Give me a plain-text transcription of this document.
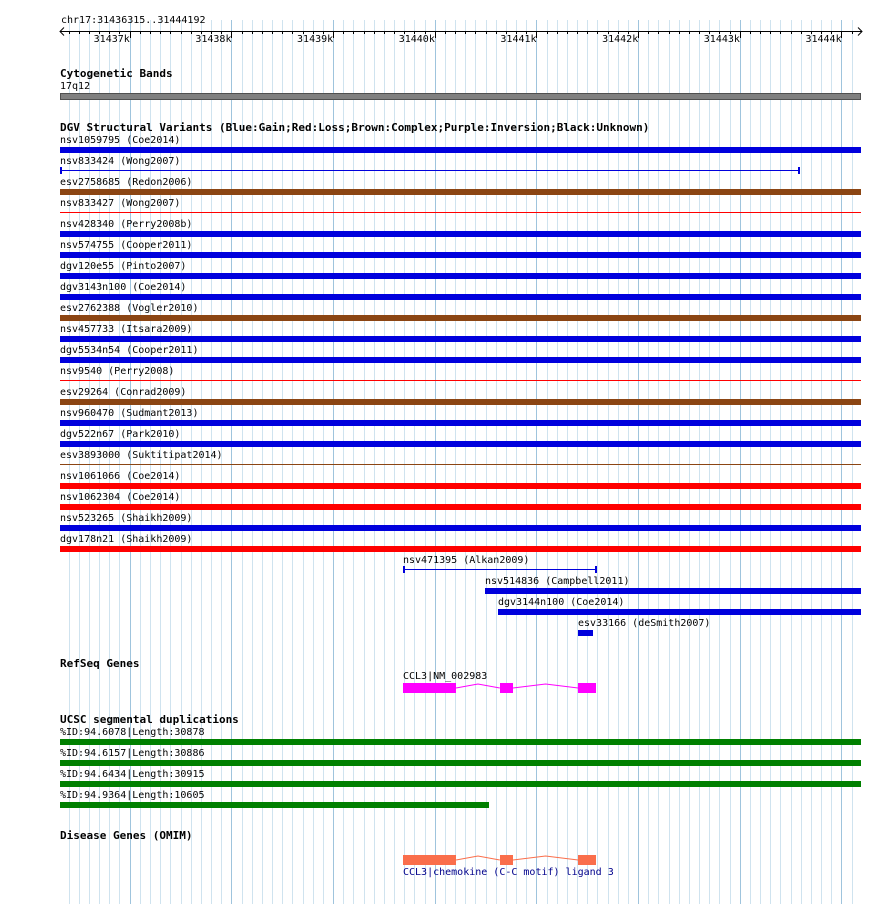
chr17:31436315..31444192
31437k	31438k	31439k	31440k	31441k	31442k	31443k	31444k
Cytogenetic Bands
17q12
DGV Structural Variants (Blue:Gain;Red:Loss;Brown:Complex;Purple:Inversion;Black:Unknown)
nsv1059795 (Coe2014)
nsv833424 (Wong2007)
esv2758685 (Redon2006)
nsv833427 (Wong2007)
nsv428340 (Perry2008b)
nsv574755 (Cooper2011)
dgv120e55 (Pinto2007)
dgv3143n100 (Coe2014)
esv2762388 (Vogler2010)
nsv457733 (Itsara2009)
dgv5534n54 (Cooper2011)
nsv9540 (Perry2008)
esv29264 (Conrad2009)
nsv960470 (Sudmant2013)
dgv522n67 (Park2010)
esv3893000 (Suktitipat2014)
nsv1061066 (Coe2014)
nsv1062304 (Coe2014)
nsv523265 (Shaikh2009)
dgv178n21 (Shaikh2009)
nsv471395 (Alkan2009)
nsv514836 (Campbell2011)
dgv3144n100 (Coe2014)
esv33166 (deSmith2007)
RefSeq Genes
CCL3|NM_002983
UCSC segmental duplications
%ID:94.6078|Length:30878
%ID:94.6157|Length:30886
%ID:94.6434|Length:30915
%ID:94.9364|Length:10605
Disease Genes (OMIM)
CCL3|chemokine (C-C motif) ligand 3
